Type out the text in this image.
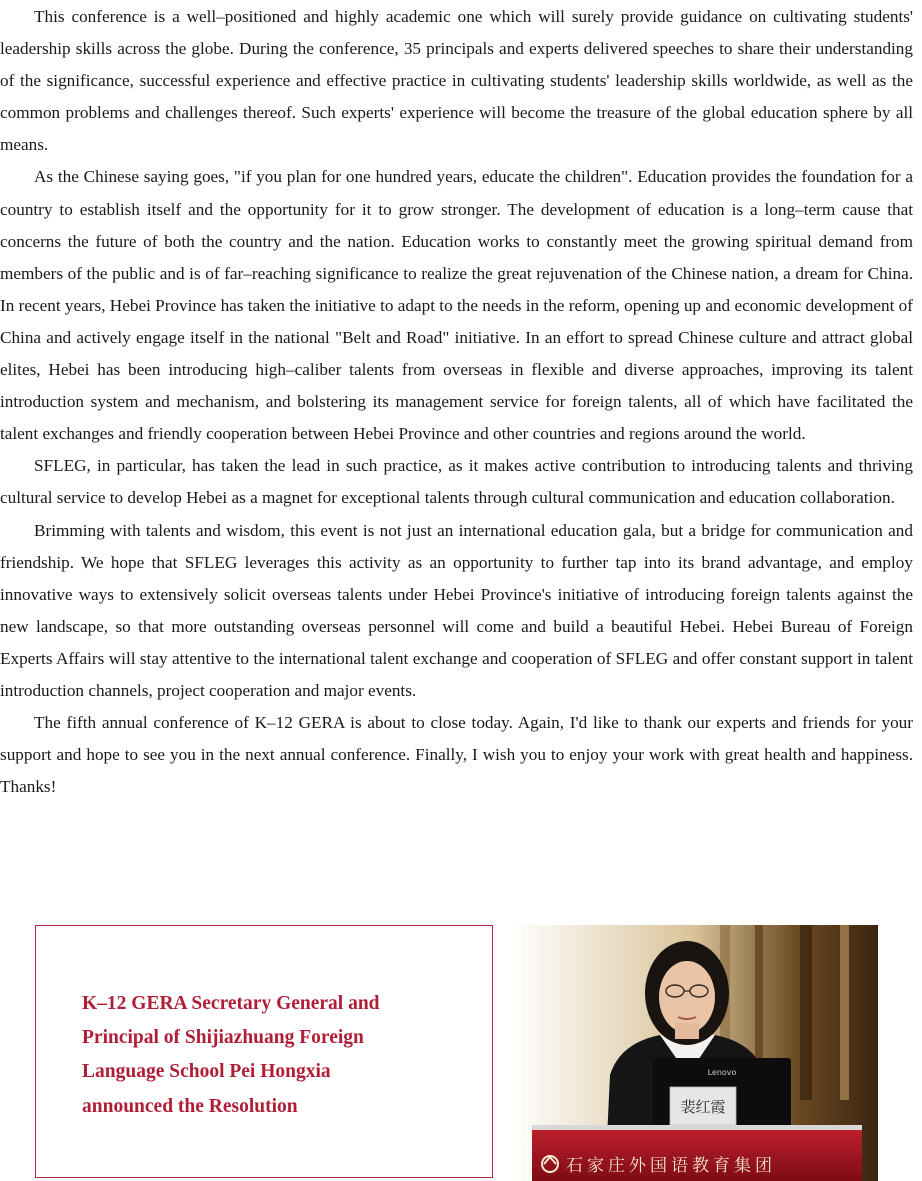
This conference is a well–positioned and highly academic one which will surely provide guidance on cultivating students' leadership skills across the globe. During the conference, 35 principals and experts delivered speeches to share their understanding of the significance, successful experience and effective practice in cultivating students' leadership skills worldwide, as well as the common problems and challenges thereof. Such experts' experience will become the treasure of the global education sphere by all means.

As the Chinese saying goes, "if you plan for one hundred years, educate the children". Education provides the foundation for a country to establish itself and the opportunity for it to grow stronger. The development of education is a long–term cause that concerns the future of both the country and the nation. Education works to constantly meet the growing spiritual demand from members of the public and is of far–reaching significance to realize the great rejuvenation of the Chinese nation, a dream for China. In recent years, Hebei Province has taken the initiative to adapt to the needs in the reform, opening up and economic development of China and actively engage itself in the national "Belt and Road" initiative. In an effort to spread Chinese culture and attract global elites, Hebei has been introducing high–caliber talents from overseas in flexible and diverse approaches, improving its talent introduction system and mechanism, and bolstering its management service for foreign talents, all of which have facilitated the talent exchanges and friendly cooperation between Hebei Province and other countries and regions around the world.

SFLEG, in particular, has taken the lead in such practice, as it makes active contribution to introducing talents and thriving cultural service to develop Hebei as a magnet for exceptional talents through cultural communication and education collaboration.

Brimming with talents and wisdom, this event is not just an international education gala, but a bridge for communication and friendship. We hope that SFLEG leverages this activity as an opportunity to further tap into its brand advantage, and employ innovative ways to extensively solicit overseas talents under Hebei Province's initiative of introducing foreign talents against the new landscape, so that more outstanding overseas personnel will come and build a beautiful Hebei. Hebei Bureau of Foreign Experts Affairs will stay attentive to the international talent exchange and cooperation of SFLEG and offer constant support in talent introduction channels, project cooperation and major events.

The fifth annual conference of K–12 GERA is about to close today. Again, I'd like to thank our experts and friends for your support and hope to see you in the next annual conference. Finally, I wish you to enjoy your work with great health and happiness. Thanks!

K–12 GERA Secretary General and
Principal of Shijiazhuang Foreign
Language School Pei Hongxia
announced the Resolution
Lenovo
裴红霞
石家庄外国语教育集团
